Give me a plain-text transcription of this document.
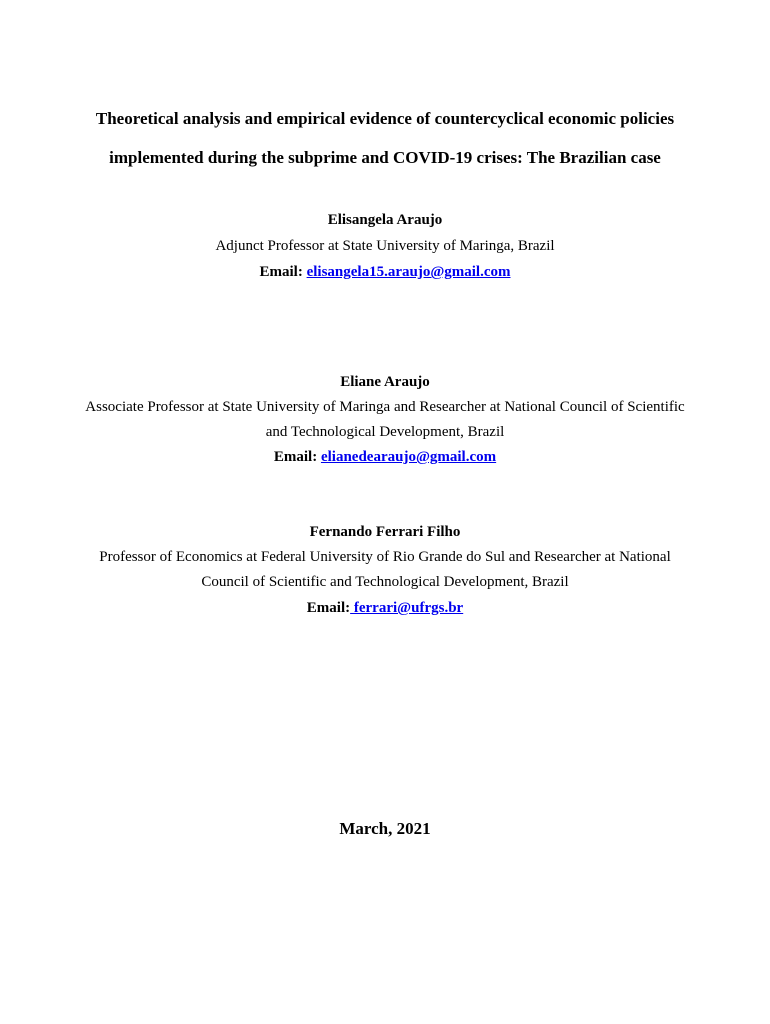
Theoretical analysis and empirical evidence of countercyclical economic policies
implemented during the subprime and COVID-19 crises: The Brazilian case
Elisangela Araujo
Adjunct Professor at State University of Maringa, Brazil
Email: elisangela15.araujo@gmail.com
Eliane Araujo
Associate Professor at State University of Maringa and Researcher at National Council of Scientific
and Technological Development, Brazil
Email: elianedearaujo@gmail.com
Fernando Ferrari Filho
Professor of Economics at Federal University of Rio Grande do Sul and Researcher at National
Council of Scientific and Technological Development, Brazil
Email: ferrari@ufrgs.br
March, 2021
